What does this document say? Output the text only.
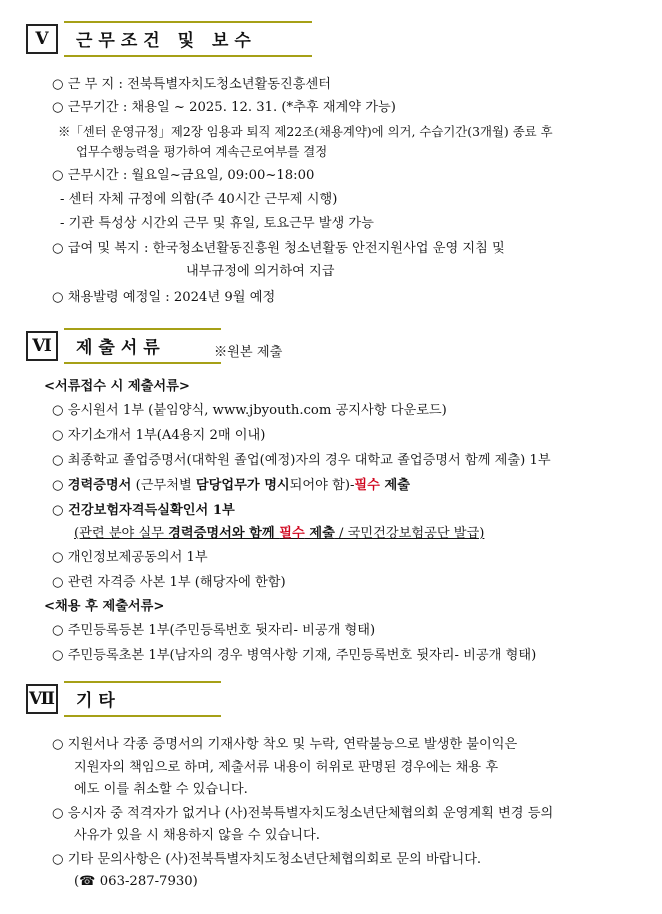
Ⅴ	근무조건 및 보수
○ 근 무 지 : 전북특별자치도청소년활동진흥센터
○ 근무기간 : 채용일 ~ 2025. 12. 31. (*추후 재계약 가능)
※「센터 운영규정」제2장 임용과 퇴직 제22조(채용계약)에 의거, 수습기간(3개월) 종료 후
업무수행능력을 평가하여 계속근로여부를 결정
○ 근무시간 : 월요일~금요일, 09:00~18:00
- 센터 자체 규정에 의함(주 40시간 근무제 시행)
- 기관 특성상 시간외 근무 및 휴일, 토요근무 발생 가능
○ 급여 및 복지 : 한국청소년활동진흥원 청소년활동 안전지원사업 운영 지침 및
내부규정에 의거하여 지급
○ 채용발령 예정일 : 2024년 9월 예정
Ⅵ	제출서류	※원본 제출
<서류접수 시 제출서류>
○ 응시원서 1부 (붙임양식, www.jbyouth.com 공지사항 다운로드)
○ 자기소개서 1부(A4용지 2매 이내)
○ 최종학교 졸업증명서(대학원 졸업(예정)자의 경우 대학교 졸업증명서 함께 제출) 1부
○ 경력증명서 (근무처별 담당업무가 명시되어야 함)-필수 제출
○ 건강보험자격득실확인서 1부
(관련 분야 실무 경력증명서와 함께 필수 제출 / 국민건강보험공단 발급)
○ 개인정보제공동의서 1부
○ 관련 자격증 사본 1부 (해당자에 한함)
<채용 후 제출서류>
○ 주민등록등본 1부(주민등록번호 뒷자리- 비공개 형태)
○ 주민등록초본 1부(남자의 경우 병역사항 기재, 주민등록번호 뒷자리- 비공개 형태)
Ⅶ 기타
○ 지원서나 각종 증명서의 기재사항 착오 및 누락, 연락불능으로 발생한 불이익은
지원자의 책임으로 하며, 제출서류 내용이 허위로 판명된 경우에는 채용 후
에도 이를 취소할 수 있습니다.
○ 응시자 중 적격자가 없거나 (사)전북특별자치도청소년단체협의회 운영계획 변경 등의
사유가 있을 시 채용하지 않을 수 있습니다.
○ 기타 문의사항은 (사)전북특별자치도청소년단체협의회로 문의 바랍니다.
(☎ 063-287-7930)
